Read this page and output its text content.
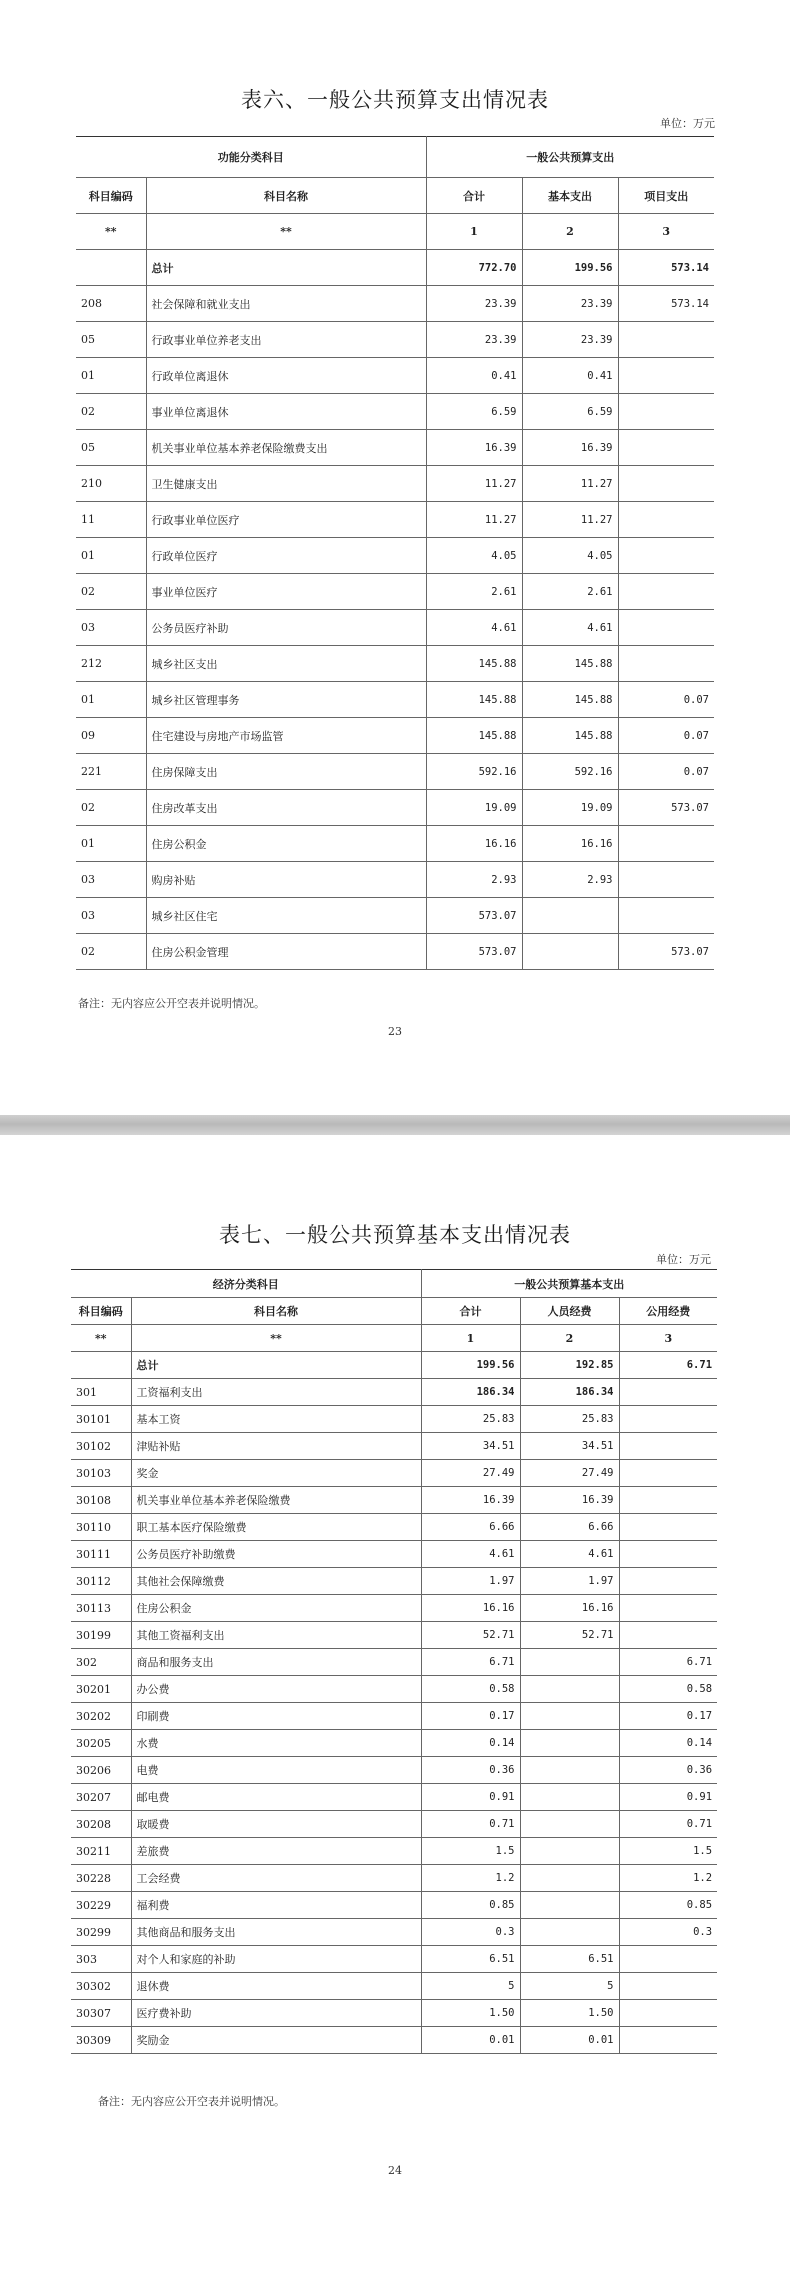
表六、一般公共预算支出情况表
单位：万元
功能分类科目		一般公共预算支出		
科目编码	科目名称	合计	基本支出	项目支出
**	**	1	2	3
	总计	772.70	199.56	573.14
208	社会保障和就业支出	23.39	23.39	573.14
05	行政事业单位养老支出	23.39	23.39	
01	行政单位离退休	0.41	0.41	
02	事业单位离退休	6.59	6.59	
05	机关事业单位基本养老保险缴费支出	16.39	16.39	
210	卫生健康支出	11.27	11.27	
11	行政事业单位医疗	11.27	11.27	
01	行政单位医疗	4.05	4.05	
02	事业单位医疗	2.61	2.61	
03	公务员医疗补助	4.61	4.61	
212	城乡社区支出	145.88	145.88	
01	城乡社区管理事务	145.88	145.88	0.07
09	住宅建设与房地产市场监管	145.88	145.88	0.07
221	住房保障支出	592.16	592.16	0.07
02	住房改革支出	19.09	19.09	573.07
01	住房公积金	16.16	16.16	
03	购房补贴	2.93	2.93	
03	城乡社区住宅	573.07		
02	住房公积金管理	573.07		573.07
备注：无内容应公开空表并说明情况。
23
表七、一般公共预算基本支出情况表
单位：万元
经济分类科目		一般公共预算基本支出		
科目编码	科目名称	合计	人员经费	公用经费
**	**	1	2	3
	总计	199.56	192.85	6.71
301	工资福利支出	186.34	186.34	
30101	基本工资	25.83	25.83	
30102	津贴补贴	34.51	34.51	
30103	奖金	27.49	27.49	
30108	机关事业单位基本养老保险缴费	16.39	16.39	
30110	职工基本医疗保险缴费	6.66	6.66	
30111	公务员医疗补助缴费	4.61	4.61	
30112	其他社会保障缴费	1.97	1.97	
30113	住房公积金	16.16	16.16	
30199	其他工资福利支出	52.71	52.71	
302	商品和服务支出	6.71		6.71
30201	办公费	0.58		0.58
30202	印刷费	0.17		0.17
30205	水费	0.14		0.14
30206	电费	0.36		0.36
30207	邮电费	0.91		0.91
30208	取暖费	0.71		0.71
30211	差旅费	1.5		1.5
30228	工会经费	1.2		1.2
30229	福利费	0.85		0.85
30299	其他商品和服务支出	0.3		0.3
303	对个人和家庭的补助	6.51	6.51	
30302	退休费	5	5	
30307	医疗费补助	1.50	1.50	
30309	奖励金	0.01	0.01	
备注：无内容应公开空表并说明情况。
24
